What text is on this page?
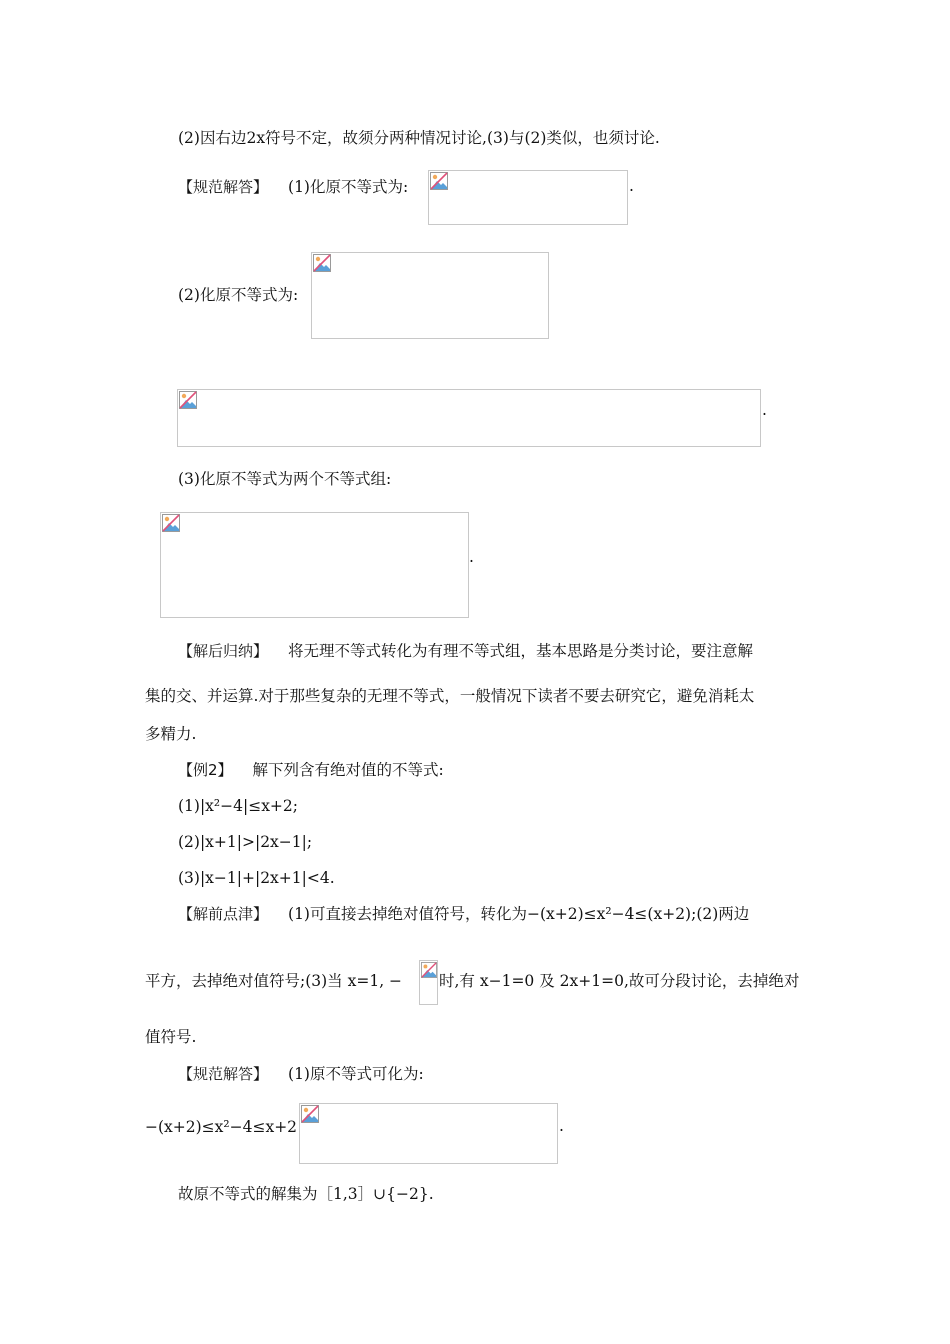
(2)因右边2x符号不定，故须分两种情况讨论,(3)与(2)类似，也须讨论.
【规范解答】 (1)化原不等式为:	.
(2)化原不等式为:
.
(3)化原不等式为两个不等式组:
.
【解后归纳】 将无理不等式转化为有理不等式组，基本思路是分类讨论，要注意解
集的交、并运算.对于那些复杂的无理不等式，一般情况下读者不要去研究它，避免消耗太
多精力.
【例2】 解下列含有绝对值的不等式:
(1)|x²−4|≤x+2;
(2)|x+1|>|2x−1|;
(3)|x−1|+|2x+1|<4.
【解前点津】 (1)可直接去掉绝对值符号，转化为−(x+2)≤x²−4≤(x+2);(2)两边
平方，去掉绝对值符号;(3)当 x=1, − 时,有 x−1=0 及 2x+1=0,故可分段讨论，去掉绝对
值符号.
【规范解答】 (1)原不等式可化为:
−(x+2)≤x²−4≤x+2	.
故原不等式的解集为［1,3］∪{−2}.
